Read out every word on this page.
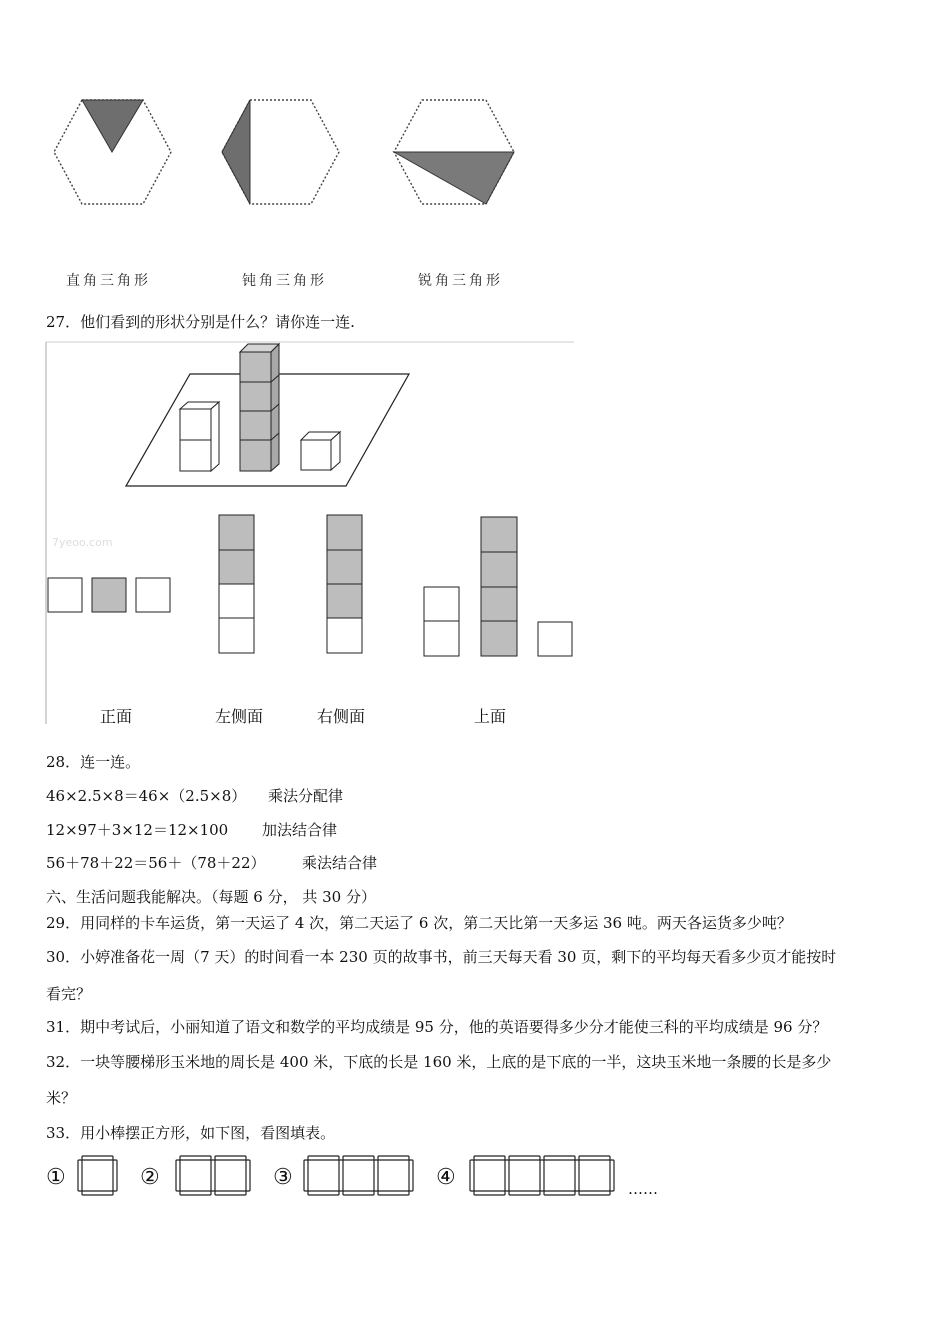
直角三角形	钝角三角形	锐角三角形
27．他们看到的形状分别是什么？请你连一连.
7yeoo.com
正面	左侧面	右侧面	上面
28．连一连。
46×2.5×8＝46×（2.5×8） 乘法分配律
12×97＋3×12＝12×100 加法结合律
56＋78＋22＝56＋（78＋22） 乘法结合律
六、生活问题我能解决。（每题 6 分， 共 30 分）
29．用同样的卡车运货，第一天运了 4 次，第二天运了 6 次，第二天比第一天多运 36 吨。两天各运货多少吨？
30．小婷准备花一周（7 天）的时间看一本 230 页的故事书，前三天每天看 30 页，剩下的平均每天看多少页才能按时
看完？
31．期中考试后，小丽知道了语文和数学的平均成绩是 95 分，他的英语要得多少分才能使三科的平均成绩是 96 分？
32．一块等腰梯形玉米地的周长是 400 米，下底的长是 160 米，上底的是下底的一半，这块玉米地一条腰的长是多少
米？
33．用小棒摆正方形，如下图，看图填表。
①	②	③	④	……
